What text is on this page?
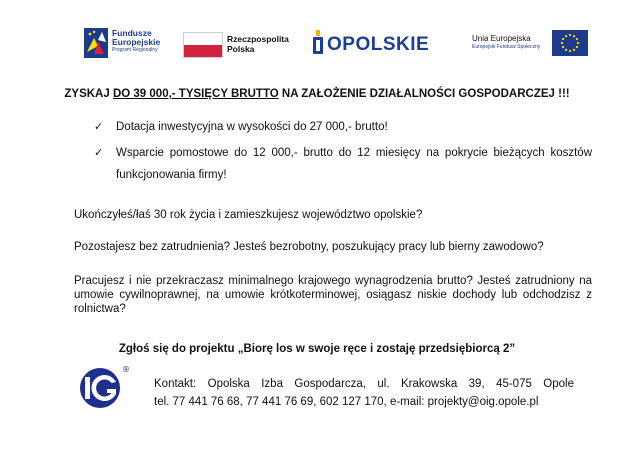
Fundusze
Europejskie
Program Regionalny
Rzeczpospolita
Polska	OPOLSKIE	Unia Europejska
Europejski Fundusz Społeczny
ZYSKAJ DO 39 000,- TYSIĘCY BRUTTO NA ZAŁOŻENIE DZIAŁALNOŚCI GOSPODARCZEJ !!!
✓ Dotacja inwestycyjna w wysokości do 27 000,- brutto!
✓ Wsparcie pomostowe do 12 000,- brutto do 12 miesięcy na pokrycie bieżących kosztów funkcjonowania firmy!

Ukończyłeś/łaś 30 rok życia i zamieszkujesz województwo opolskie?

Pozostajesz bez zatrudnienia? Jesteś bezrobotny, poszukujący pracy lub bierny zawodowo?

Pracujesz i nie przekraczasz minimalnego krajowego wynagrodzenia brutto? Jesteś zatrudniony na umowie cywilnoprawnej, na umowie krótkoterminowej, osiągasz niskie dochody lub odchodzisz z rolnictwa?

Zgłoś się do projektu „Biorę los w swoje ręce i zostaję przedsiębiorcą 2”
®
Kontakt: Opolska Izba Gospodarcza, ul. Krakowska 39, 45-075 Opole
tel. 77 441 76 68, 77 441 76 69, 602 127 170, e-mail: projekty@oig.opole.pl
